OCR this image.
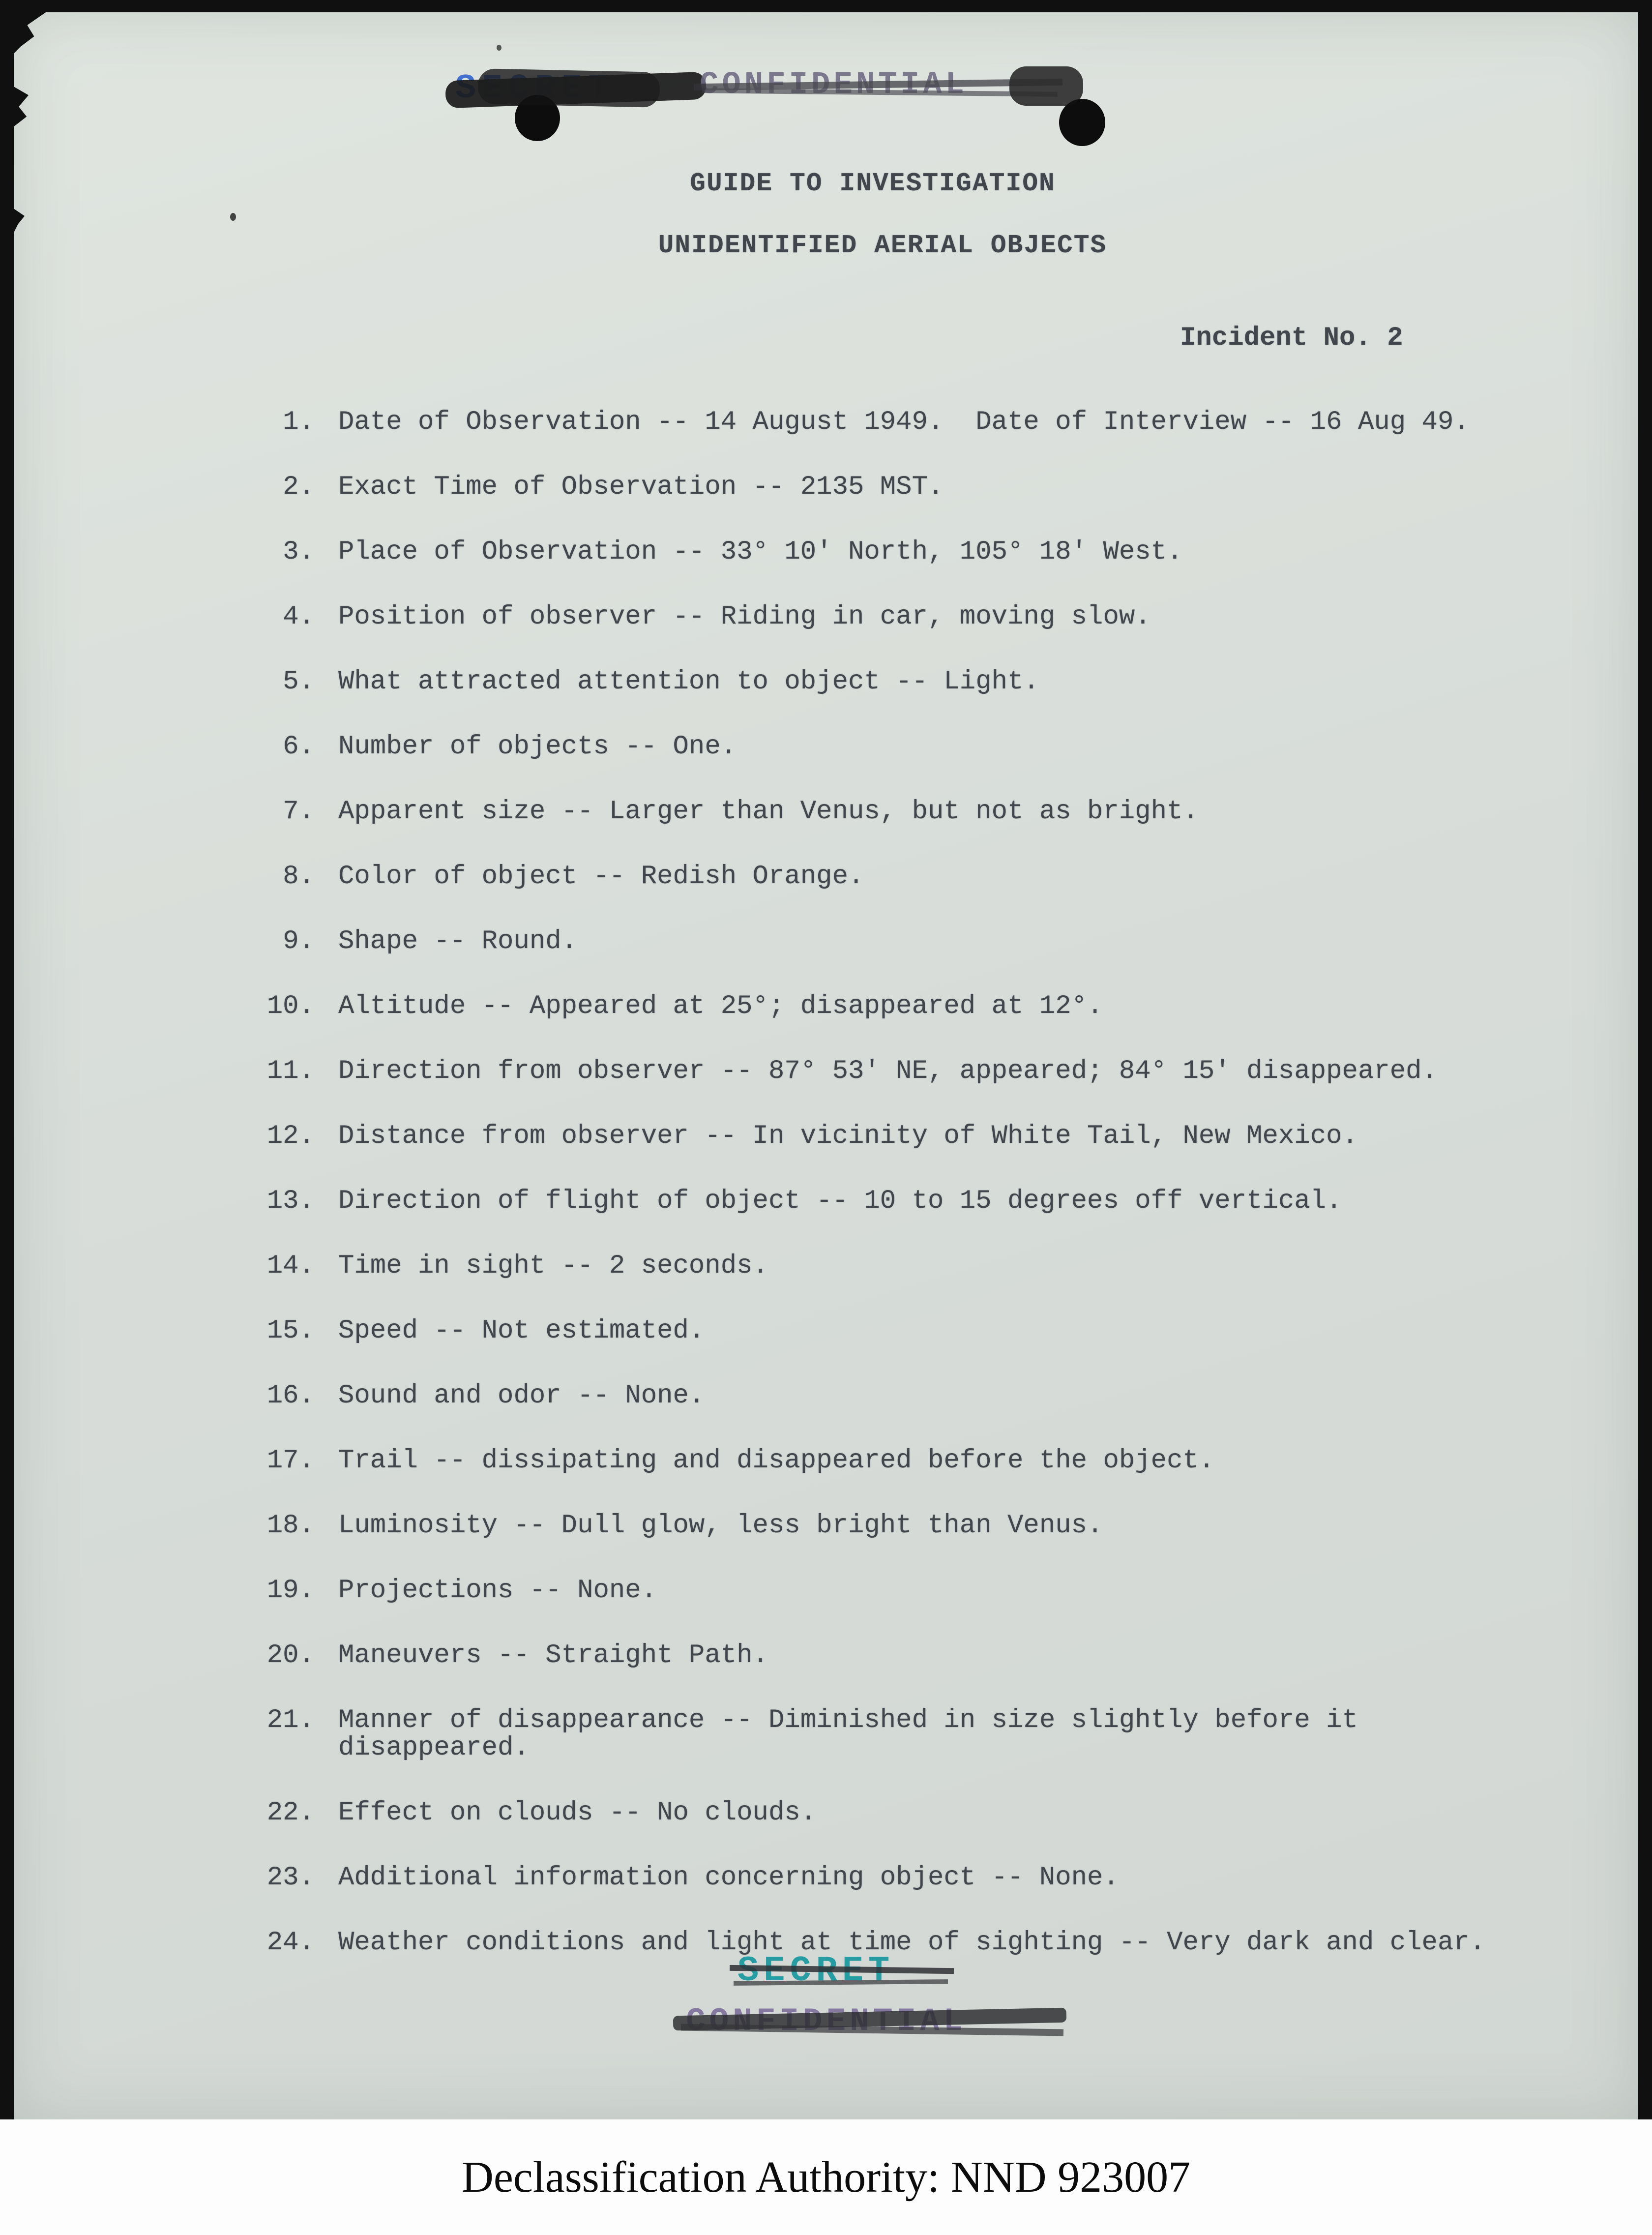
GUIDE TO INVESTIGATION
UNIDENTIFIED AERIAL OBJECTS
Incident No. 2
1. Date of Observation -- 14 August 1949.  Date of Interview -- 16 Aug 49.
2. Exact Time of Observation -- 2135 MST.
3. Place of Observation -- 33° 10' North, 105° 18' West.
4. Position of observer -- Riding in car, moving slow.
5. What attracted attention to object -- Light.
6. Number of objects -- One.
7. Apparent size -- Larger than Venus, but not as bright.
8. Color of object -- Redish Orange.
9. Shape -- Round.
10. Altitude -- Appeared at 25°; disappeared at 12°.
11. Direction from observer -- 87° 53' NE, appeared; 84° 15' disappeared.
12. Distance from observer -- In vicinity of White Tail, New Mexico.
13. Direction of flight of object -- 10 to 15 degrees off vertical.
14. Time in sight -- 2 seconds.
15. Speed -- Not estimated.
16. Sound and odor -- None.
17. Trail -- dissipating and disappeared before the object.
18. Luminosity -- Dull glow, less bright than Venus.
19. Projections -- None.
20. Maneuvers -- Straight Path.
21. Manner of disappearance -- Diminished in size slightly before it disappeared.
22. Effect on clouds -- No clouds.
23. Additional information concerning object -- None.
24. Weather conditions and light at time of sighting -- Very dark and clear.
Declassification Authority: NND 923007
